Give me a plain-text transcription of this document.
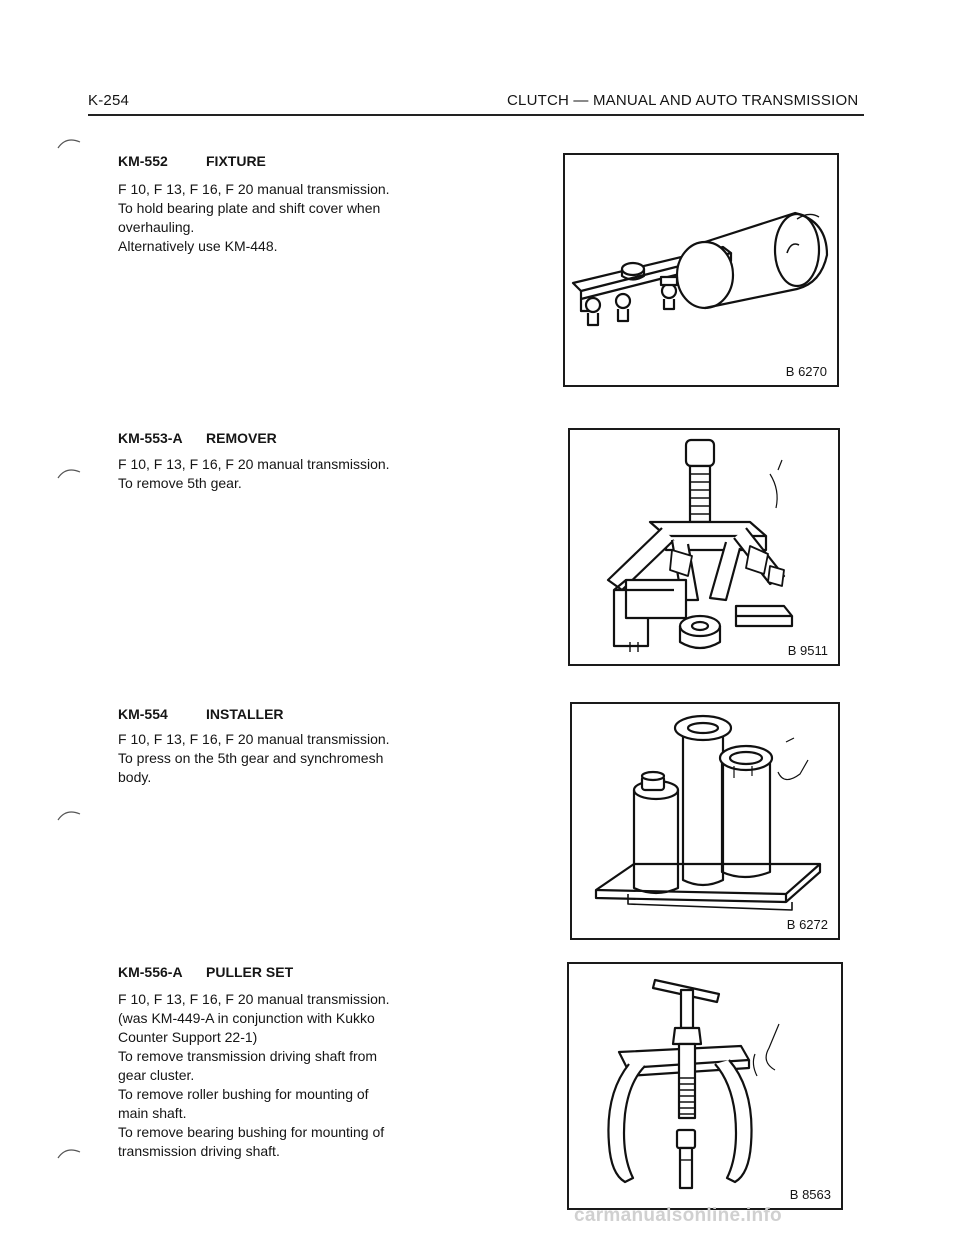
K-254	CLUTCH — MANUAL AND AUTO TRANSMISSION
KM-552	FIXTURE
F 10, F 13, F 16, F 20 manual transmission.
To hold bearing plate and shift cover when
overhauling.
Alternatively use KM-448.
B 6270
KM-553-A REMOVER
F 10, F 13, F 16, F 20 manual transmission.
To remove 5th gear.
B 9511
KM-554	INSTALLER
F 10, F 13, F 16, F 20 manual transmission.
To press on the 5th gear and synchromesh
body.
B 6272
KM-556-A PULLER SET
F 10, F 13, F 16, F 20 manual transmission.
(was KM-449-A in conjunction with Kukko
Counter Support 22-1)
To remove transmission driving shaft from
gear cluster.
To remove roller bushing for mounting of
main shaft.
To remove bearing bushing for mounting of
transmission driving shaft.
B 8563
carmanualsonline.info
